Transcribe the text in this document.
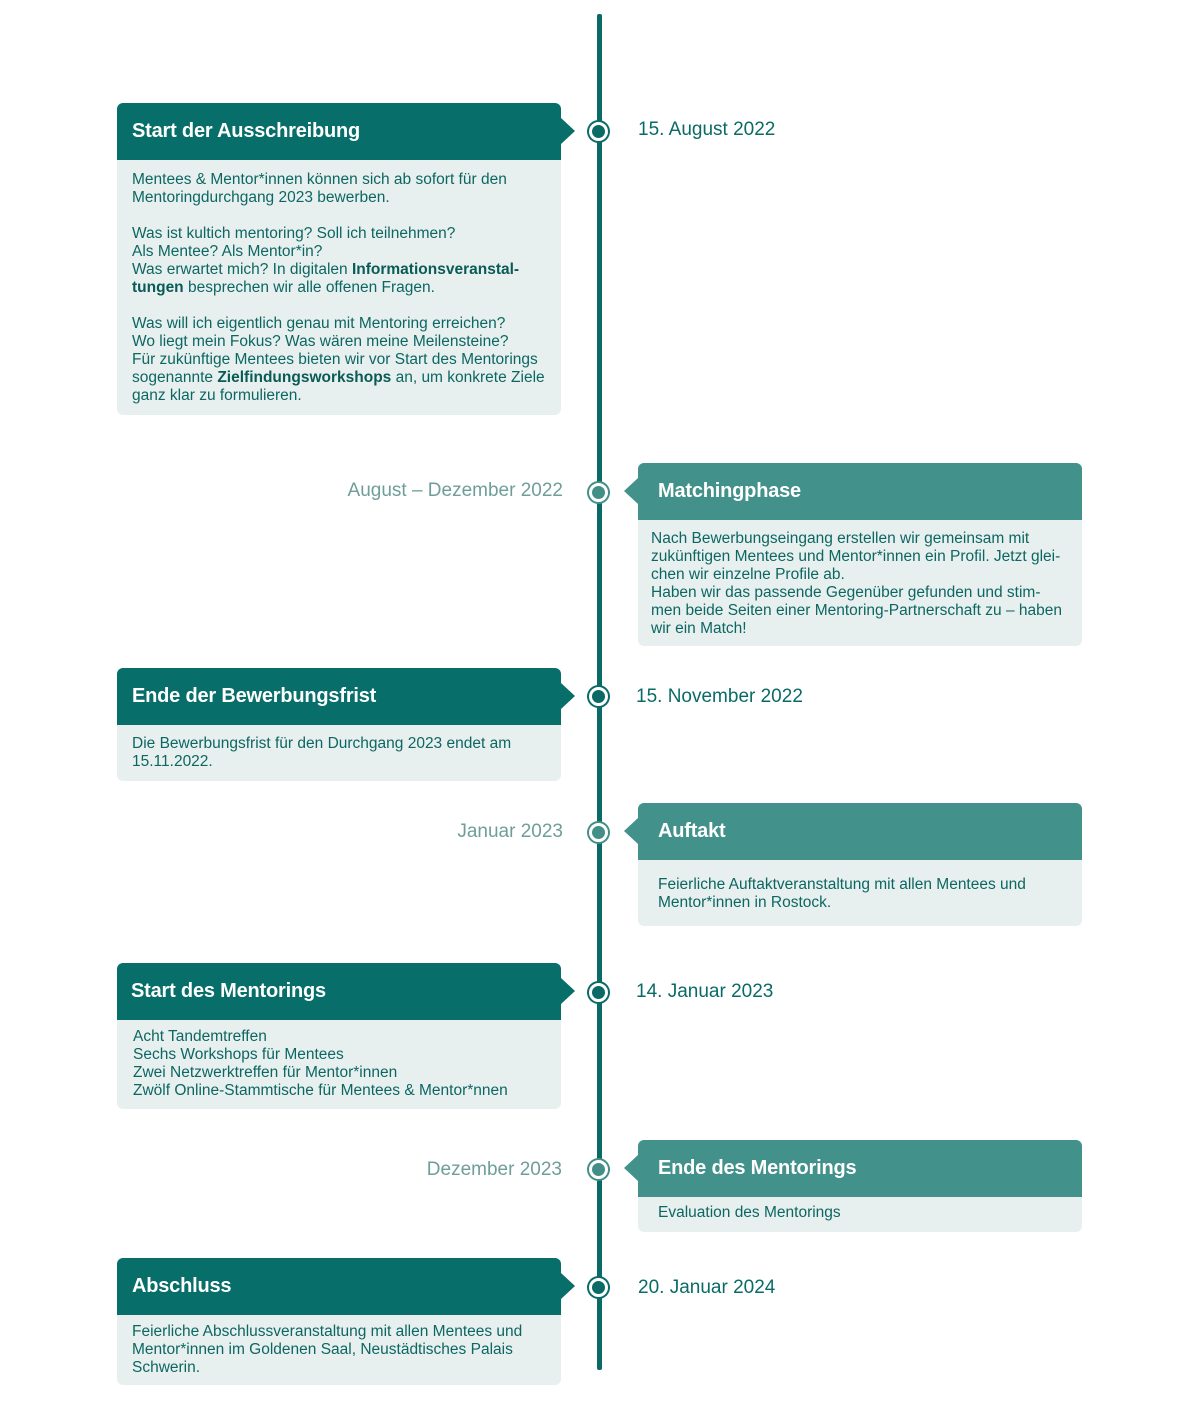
15. August 2022
Start der Ausschreibung

Mentees & Mentor*innen können sich ab sofort für den Mentoringdurchgang 2023 bewerben.

Was ist kultich mentoring? Soll ich teilnehmen?
Als Mentee? Als Mentor*in?
Was erwartet mich? In digitalen Informationsveranstal-tungen besprechen wir alle offenen Fragen.

Was will ich eigentlich genau mit Mentoring erreichen?
Wo liegt mein Fokus? Was wären meine Meilensteine?
Für zukünftige Mentees bieten wir vor Start des Mentorings sogenannte Zielfindungsworkshops an, um konkrete Ziele ganz klar zu formulieren.

August – Dezember 2022	Matchingphase
Nach Bewerbungseingang erstellen wir gemeinsam mit zukünftigen Mentees und Mentor*innen ein Profil. Jetzt glei-chen wir einzelne Profile ab.
Haben wir das passende Gegenüber gefunden und stim-men beide Seiten einer Mentoring-Partnerschaft zu – haben wir ein Match!
15. November 2022
Ende der Bewerbungsfrist
Die Bewerbungsfrist für den Durchgang 2023 endet am 15.11.2022.
Januar 2023	Auftakt
Feierliche Auftaktveranstaltung mit allen Mentees und Mentor*innen in Rostock.
14. Januar 2023
Start des Mentorings
Acht Tandemtreffen
Sechs Workshops für Mentees
Zwei Netzwerktreffen für Mentor*innen
Zwölf Online-Stammtische für Mentees & Mentor*nnen
Dezember 2023	Ende des Mentorings
Evaluation des Mentorings
20. Januar 2024
Abschluss
Feierliche Abschlussveranstaltung mit allen Mentees und Mentor*innen im Goldenen Saal, Neustädtisches Palais Schwerin.
